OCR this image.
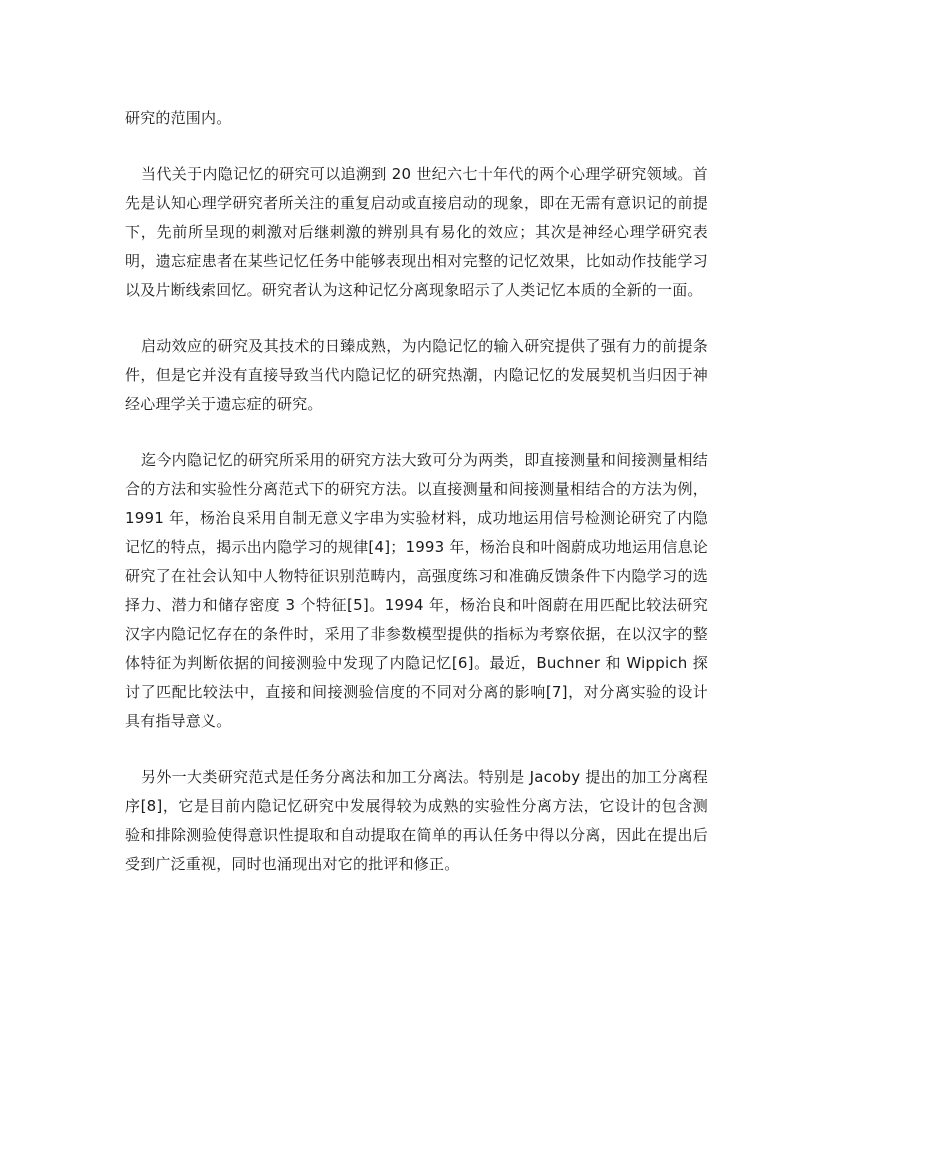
研究的范围内。

当代关于内隐记忆的研究可以追溯到 20 世纪六七十年代的两个心理学研究领域。首先是认知心理学研究者所关注的重复启动或直接启动的现象，即在无需有意识记的前提下，先前所呈现的刺激对后继刺激的辨别具有易化的效应；其次是神经心理学研究表明，遗忘症患者在某些记忆任务中能够表现出相对完整的记忆效果，比如动作技能学习以及片断线索回忆。研究者认为这种记忆分离现象昭示了人类记忆本质的全新的一面。

启动效应的研究及其技术的日臻成熟，为内隐记忆的输入研究提供了强有力的前提条件，但是它并没有直接导致当代内隐记忆的研究热潮，内隐记忆的发展契机当归因于神经心理学关于遗忘症的研究。

迄今内隐记忆的研究所采用的研究方法大致可分为两类，即直接测量和间接测量相结合的方法和实验性分离范式下的研究方法。以直接测量和间接测量相结合的方法为例，1991 年，杨治良采用自制无意义字串为实验材料，成功地运用信号检测论研究了内隐记忆的特点，揭示出内隐学习的规律[4]；1993 年，杨治良和叶阁蔚成功地运用信息论研究了在社会认知中人物特征识别范畴内，高强度练习和准确反馈条件下内隐学习的选择力、潜力和储存密度 3 个特征[5]。1994 年，杨治良和叶阁蔚在用匹配比较法研究汉字内隐记忆存在的条件时，采用了非参数模型提供的指标为考察依据，在以汉字的整体特征为判断依据的间接测验中发现了内隐记忆[6]。最近，Buchner 和 Wippich 探讨了匹配比较法中，直接和间接测验信度的不同对分离的影响[7]，对分离实验的设计具有指导意义。

另外一大类研究范式是任务分离法和加工分离法。特别是 Jacoby 提出的加工分离程序[8]，它是目前内隐记忆研究中发展得较为成熟的实验性分离方法，它设计的包含测验和排除测验使得意识性提取和自动提取在简单的再认任务中得以分离，因此在提出后受到广泛重视，同时也涌现出对它的批评和修正。
